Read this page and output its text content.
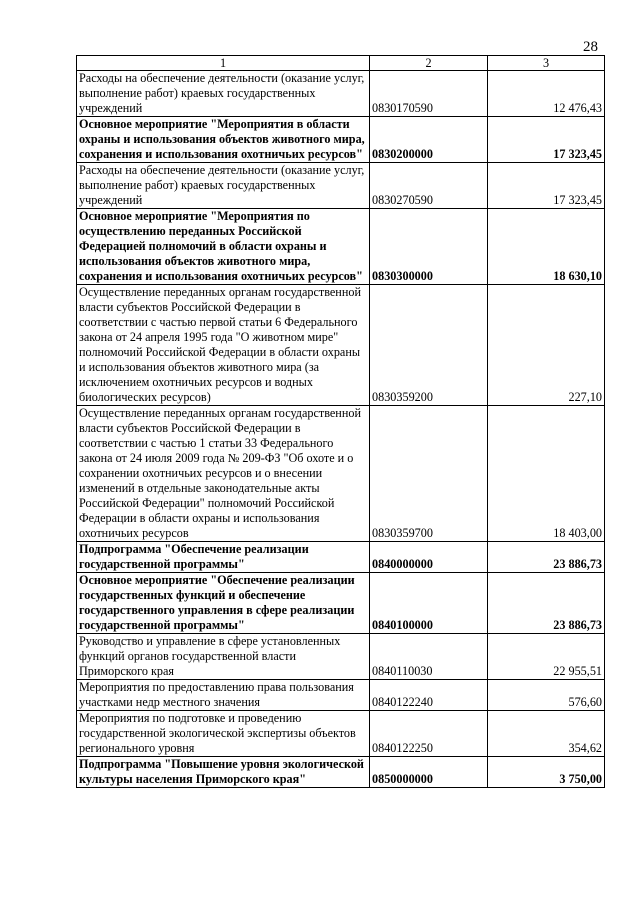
28
1	2	3
Расходы на обеспечение деятельности (оказание услуг, выполнение работ) краевых государственных учреждений	0830170590	12 476,43
Основное мероприятие "Мероприятия в области охраны и использования объектов животного мира, сохранения и использования охотничьих ресурсов"	0830200000	17 323,45
Расходы на обеспечение деятельности (оказание услуг, выполнение работ) краевых государственных учреждений	0830270590	17 323,45
Основное мероприятие "Мероприятия по осуществлению переданных Российской Федерацией полномочий в области охраны и использования объектов животного мира, сохранения и использования охотничьих ресурсов"	0830300000	18 630,10
Осуществление переданных органам государственной власти субъектов Российской Федерации в соответствии с частью первой статьи 6 Федерального закона от 24 апреля 1995 года "О животном мире" полномочий Российской Федерации в области охраны и использования объектов животного мира (за исключением охотничьих ресурсов и водных биологических ресурсов)	0830359200	227,10
Осуществление переданных органам государственной власти субъектов Российской Федерации в соответствии с частью 1 статьи 33 Федерального закона от 24 июля 2009 года № 209-ФЗ "Об охоте и о сохранении охотничьих ресурсов и о внесении изменений в отдельные законодательные акты Российской Федерации" полномочий Российской Федерации в области охраны и использования охотничьих ресурсов	0830359700	18 403,00
Подпрограмма "Обеспечение реализации государственной программы"	0840000000	23 886,73
Основное мероприятие "Обеспечение реализации государственных функций и обеспечение государственного управления в сфере реализации государственной программы"	0840100000	23 886,73
Руководство и управление в сфере установленных функций органов государственной власти Приморского края	0840110030	22 955,51
Мероприятия по предоставлению права пользования участками недр местного значения	0840122240	576,60
Мероприятия по подготовке и проведению государственной экологической экспертизы объектов регионального уровня	0840122250	354,62
Подпрограмма "Повышение уровня экологической культуры населения Приморского края"	0850000000	3 750,00
